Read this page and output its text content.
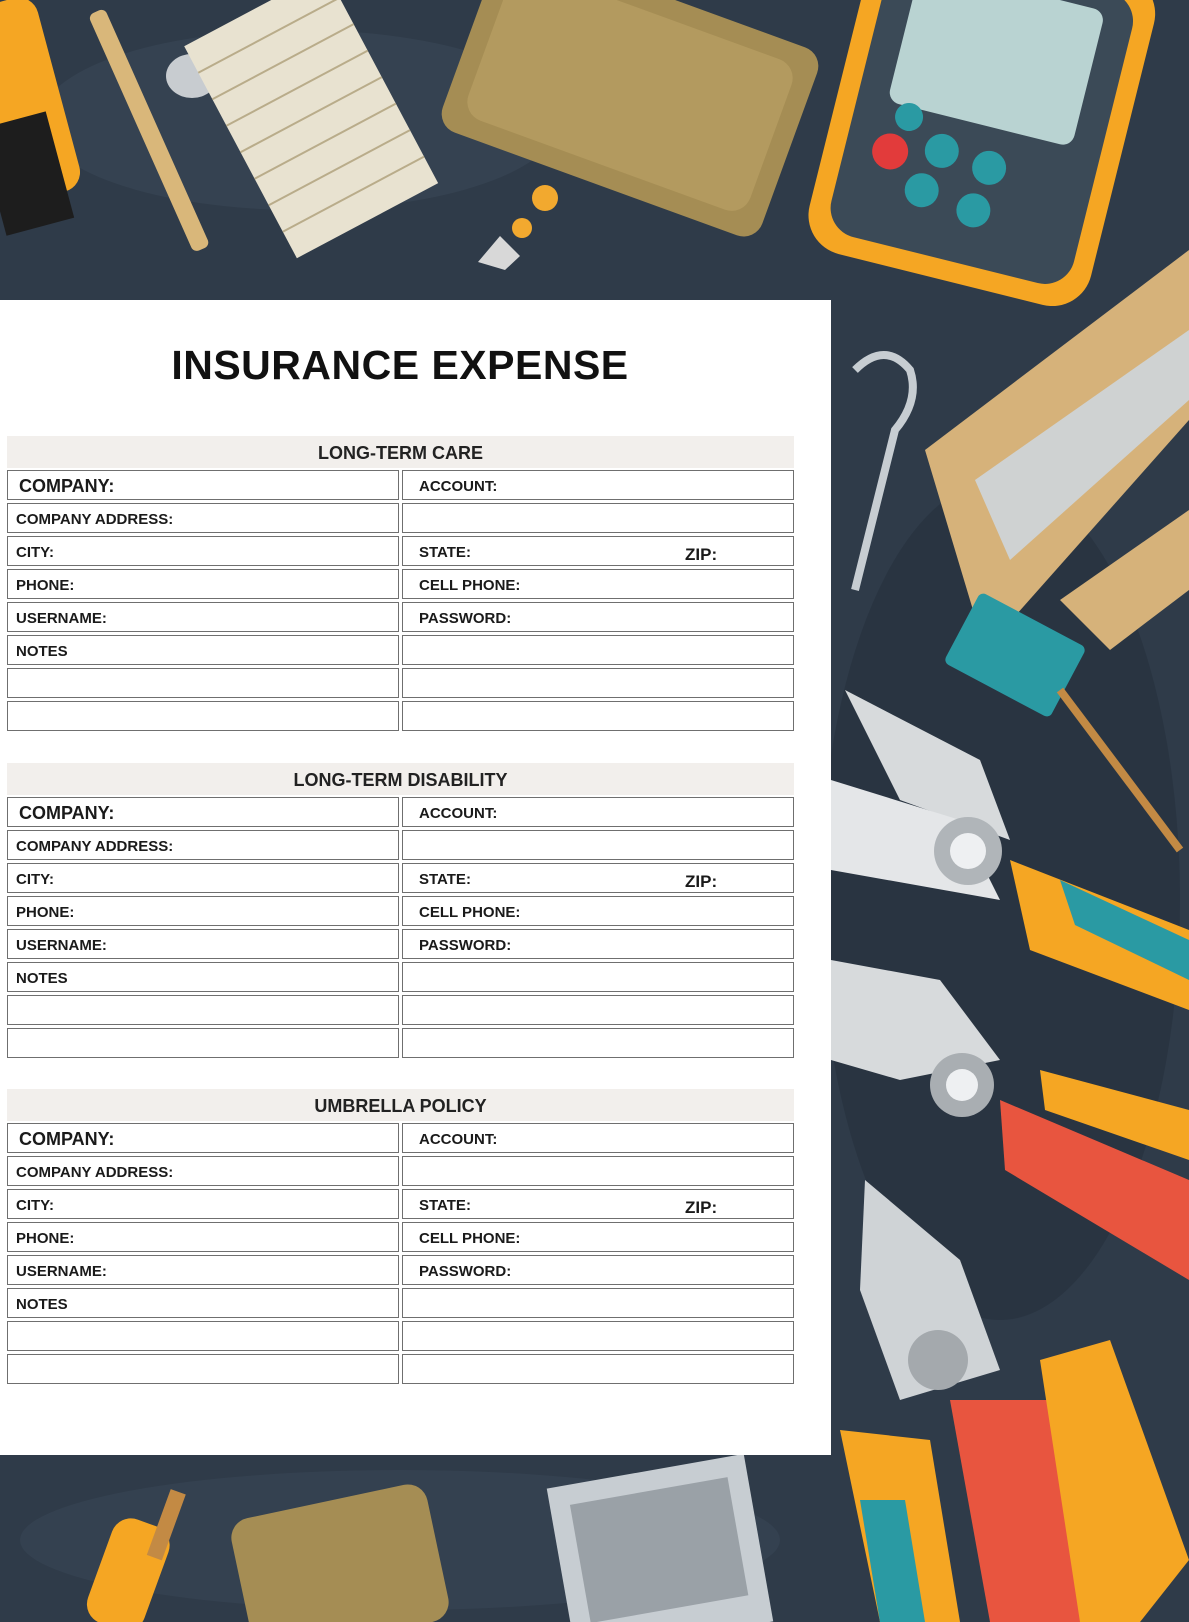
INSURANCE EXPENSE
LONG-TERM CARE
COMPANY:	ACCOUNT:
COMPANY ADDRESS:
CITY:	STATE:	ZIP:
PHONE:	CELL PHONE:
USERNAME:	PASSWORD:
NOTES
LONG-TERM DISABILITY
COMPANY:	ACCOUNT:
COMPANY ADDRESS:
CITY:	STATE:	ZIP:
PHONE:	CELL PHONE:
USERNAME:	PASSWORD:
NOTES
UMBRELLA POLICY
COMPANY:	ACCOUNT:
COMPANY ADDRESS:
CITY:	STATE:	ZIP:
PHONE:	CELL PHONE:
USERNAME:	PASSWORD:
NOTES
